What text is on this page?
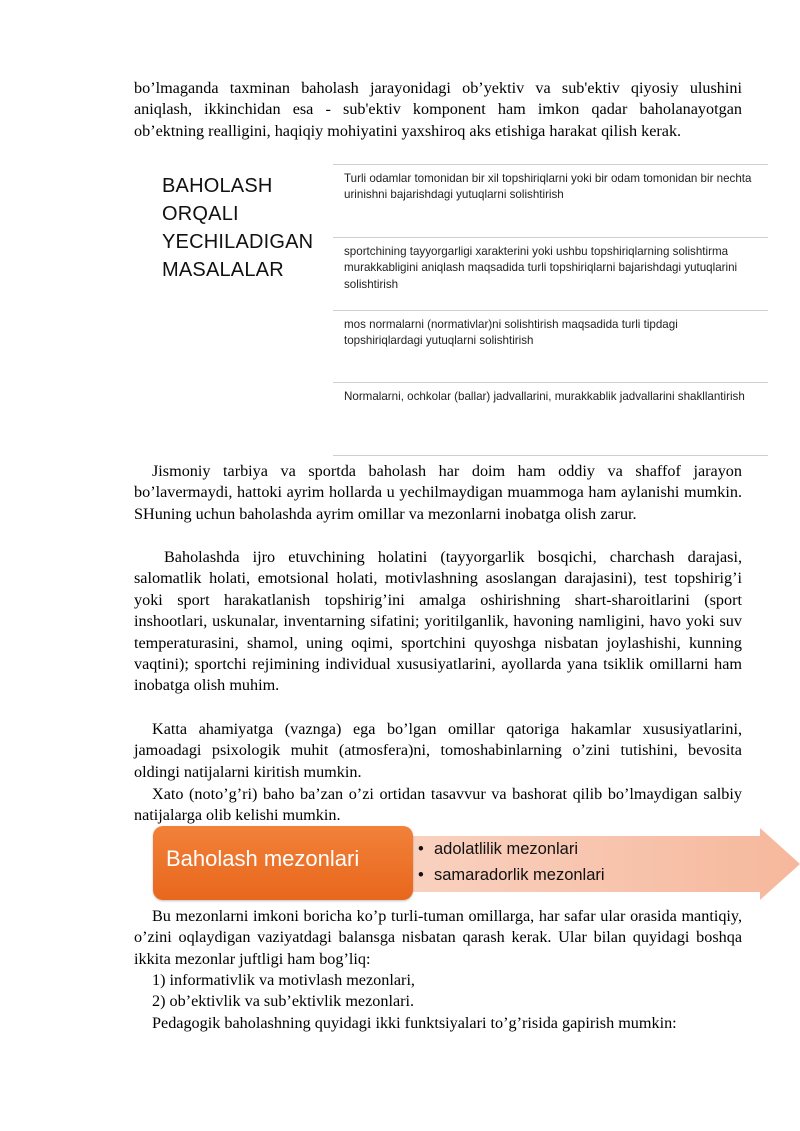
bo’lmaganda taxminan baholash jarayonidagi ob’yektiv va sub'ektiv qiyosiy ulushini aniqlash, ikkinchidan esa - sub'ektiv komponent ham imkon qadar baholanayotgan ob’ektning realligini, haqiqiy mohiyatini yaxshiroq aks etishiga harakat qilish kerak.

BAHOLASH
ORQALI
YECHILADIGAN
MASALALAR
Turli odamlar tomonidan bir xil topshiriqlarni yoki bir odam tomonidan bir nechta urinishni bajarishdagi yutuqlarni solishtirish
sportchining tayyorgarligi xarakterini yoki ushbu topshiriqlarning solishtirma murakkabligini aniqlash maqsadida turli topshiriqlarni bajarishdagi yutuqlarini solishtirish
mos normalarni (normativlar)ni solishtirish maqsadida turli tipdagi topshiriqlardagi yutuqlarni solishtirish
Normalarni, ochkolar (ballar) jadvallarini, murakkablik jadvallarini shakllantirish

Jismoniy tarbiya va sportda baholash har doim ham oddiy va shaffof jarayon bo’lavermaydi, hattoki ayrim hollarda u yechilmaydigan muammoga ham aylanishi mumkin. SHuning uchun baholashda ayrim omillar va mezonlarni inobatga olish zarur.

Baholashda ijro etuvchining holatini (tayyorgarlik bosqichi, charchash darajasi, salomatlik holati, emotsional holati, motivlashning asoslangan darajasini), test topshirig’i yoki sport harakatlanish topshirig’ini amalga oshirishning shart-sharoitlarini (sport inshootlari, uskunalar, inventarning sifatini; yoritilganlik, havoning namligini, havo yoki suv temperaturasini, shamol, uning oqimi, sportchini quyoshga nisbatan joylashishi, kunning vaqtini); sportchi rejimining individual xususiyatlarini, ayollarda yana tsiklik omillarni ham inobatga olish muhim.

Katta ahamiyatga (vaznga) ega bo’lgan omillar qatoriga hakamlar xususiyatlarini, jamoadagi psixologik muhit (atmosfera)ni, tomoshabinlarning o’zini tutishini, bevosita oldingi natijalarni kiritish mumkin.

Xato (noto’g’ri) baho ba’zan o’zi ortidan tasavvur va bashorat qilib bo’lmaydigan salbiy natijalarga olib kelishi mumkin.

Baholash mezonlari	• adolatlilik mezonlari
• samaradorlik mezonlari

Bu mezonlarni imkoni boricha ko’p turli-tuman omillarga, har safar ular orasida mantiqiy, o’zini oqlaydigan vaziyatdagi balansga nisbatan qarash kerak. Ular bilan quyidagi boshqa ikkita mezonlar juftligi ham bog’liq:

1) informativlik va motivlash mezonlari,

2) ob’ektivlik va sub’ektivlik mezonlari.

Pedagogik baholashning quyidagi ikki funktsiyalari to’g’risida gapirish mumkin:
